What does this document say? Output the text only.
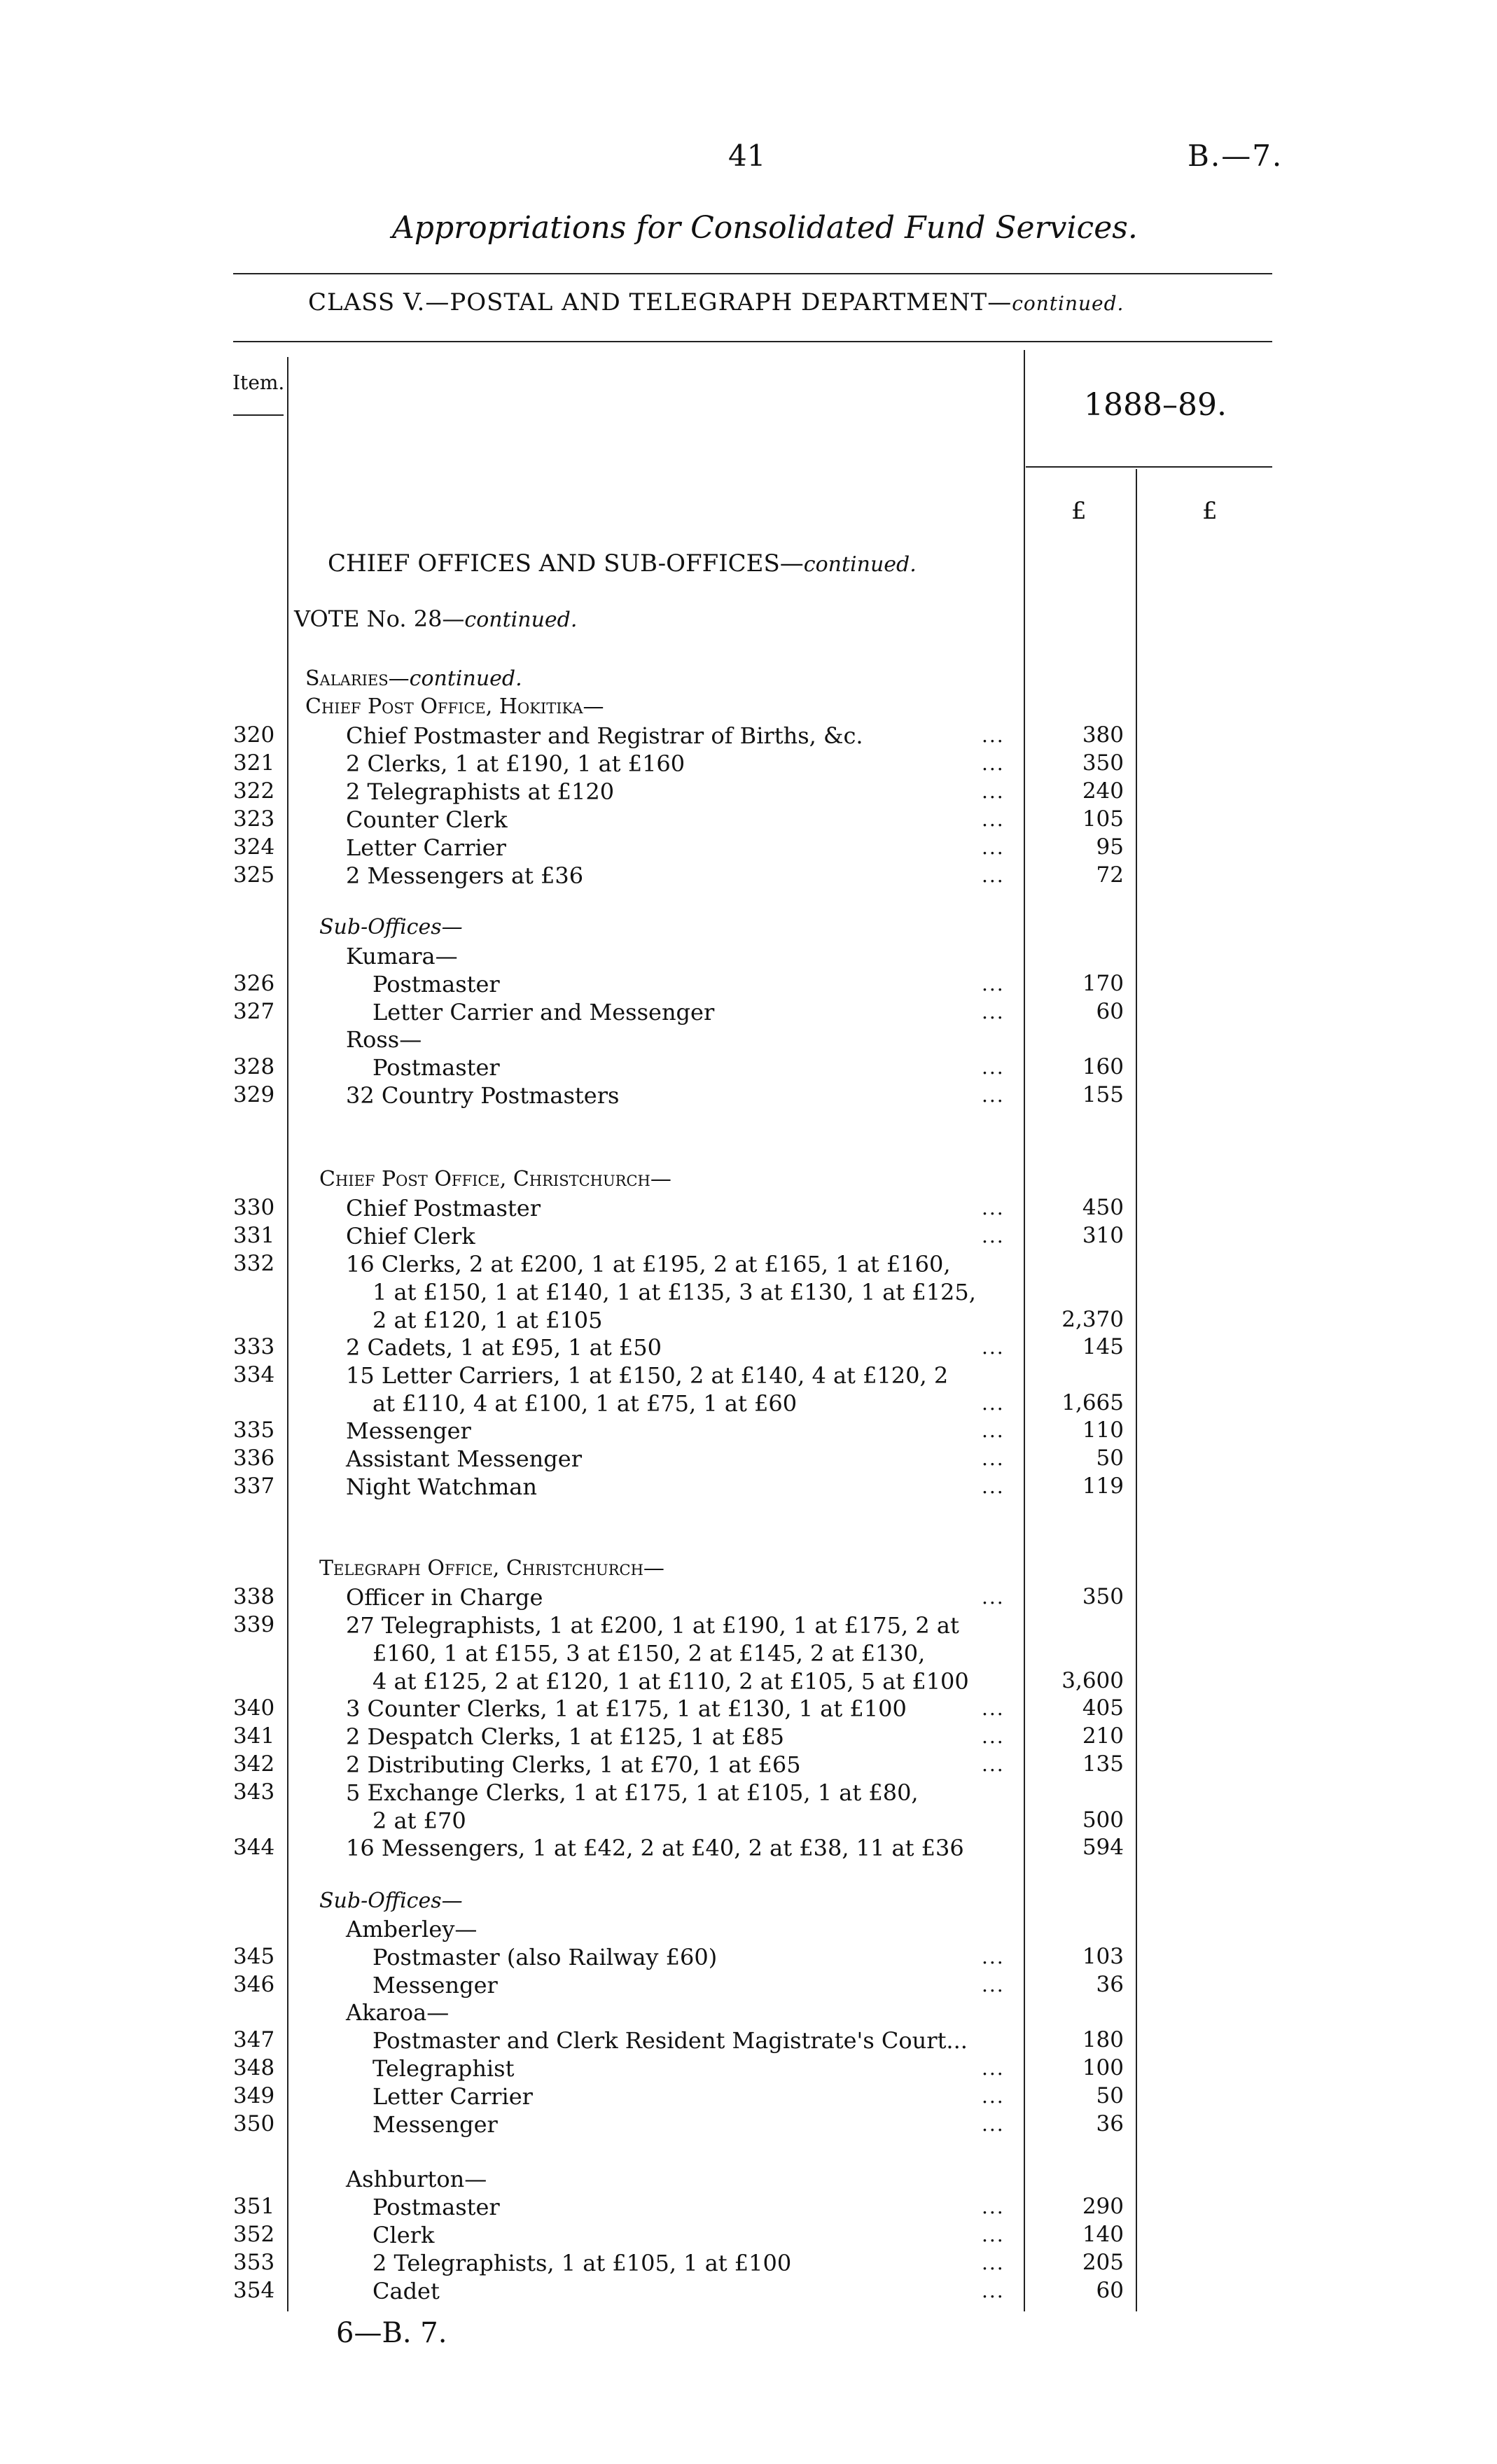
41	B.—7.
Appropriations for Consolidated Fund Services.
CLASS V.—POSTAL AND TELEGRAPH DEPARTMENT—continued.
Item.
1888–89.
£	£
CHIEF OFFICES AND SUB-OFFICES—continued.
VOTE No. 28—continued.
Salaries—continued.
Chief Post Office, Hokitika—
Sub-Offices—
Kumara—
Ross—
Chief Post Office, Christchurch—
Telegraph Office, Christchurch—
Sub-Offices—
Amberley—
Akaroa—
Ashburton—
320	Chief Postmaster and Registrar of Births, &c.	...	380
321	2 Clerks, 1 at £190, 1 at £160	...	350
322	2 Telegraphists at £120	...	240
323	Counter Clerk	...	105
324	Letter Carrier	...	95
325	2 Messengers at £36	...	72
326	Postmaster	...	170
327	Letter Carrier and Messenger	...	60
328	Postmaster	...	160
329	32 Country Postmasters	...	155
330	Chief Postmaster	...	450
331	Chief Clerk	...	310
332	16 Clerks, 2 at £200, 1 at £195, 2 at £165, 1 at £160,
1 at £150, 1 at £140, 1 at £135, 3 at £130, 1 at £125,
2 at £120, 1 at £105	2,370
333	2 Cadets, 1 at £95, 1 at £50	...	145
334	15 Letter Carriers, 1 at £150, 2 at £140, 4 at £120, 2
at £110, 4 at £100, 1 at £75, 1 at £60	...	1,665
335	Messenger	...	110
336	Assistant Messenger	...	50
337	Night Watchman	...	119
338	Officer in Charge	...	350
339	27 Telegraphists, 1 at £200, 1 at £190, 1 at £175, 2 at
£160, 1 at £155, 3 at £150, 2 at £145, 2 at £130,
4 at £125, 2 at £120, 1 at £110, 2 at £105, 5 at £100	3,600
340	3 Counter Clerks, 1 at £175, 1 at £130, 1 at £100	...	405
341	2 Despatch Clerks, 1 at £125, 1 at £85	...	210
342	2 Distributing Clerks, 1 at £70, 1 at £65	...	135
343	5 Exchange Clerks, 1 at £175, 1 at £105, 1 at £80,
2 at £70	500
344	16 Messengers, 1 at £42, 2 at £40, 2 at £38, 11 at £36	594
345	Postmaster (also Railway £60)	...	103
346	Messenger	...	36
347	Postmaster and Clerk Resident Magistrate's Court...	180
348	Telegraphist	...	100
349	Letter Carrier	...	50
350	Messenger	...	36
351	Postmaster	...	290
352	Clerk	...	140
353	2 Telegraphists, 1 at £105, 1 at £100	...	205
354	Cadet	...	60
6—B. 7.
